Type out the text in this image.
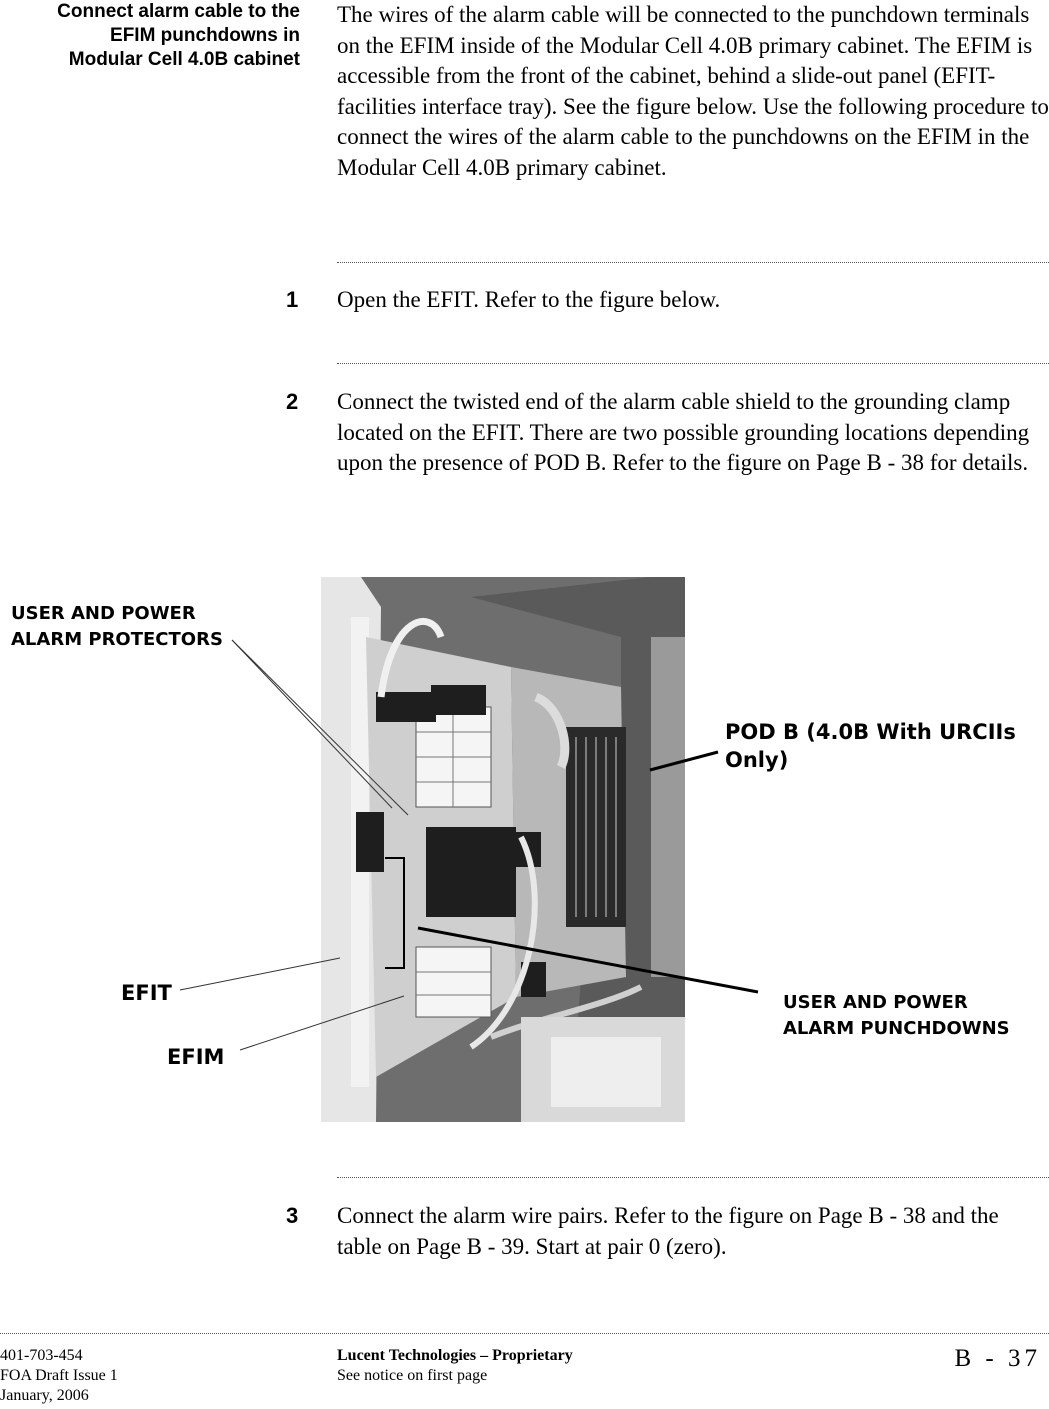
Connect alarm cable to the
EFIM punchdowns in
Modular Cell 4.0B cabinet
The wires of the alarm cable will be connected to the punchdown terminals on the EFIM inside of the Modular Cell 4.0B primary cabinet. The EFIM is accessible from the front of the cabinet, behind a slide-out panel (EFIT- facilities interface tray). See the figure below. Use the following procedure to connect the wires of the alarm cable to the punchdowns on the EFIM in the Modular Cell 4.0B primary cabinet.
1	Open the EFIT. Refer to the figure below.
2	Connect the twisted end of the alarm cable shield to the grounding clamp located on the EFIT. There are two possible grounding locations depending upon the presence of POD B. Refer to the figure on Page B - 38 for details.
USER AND POWER
ALARM PROTECTORS
POD B (4.0B With URCIIs
Only)
EFIT
EFIM
USER AND POWER
ALARM PUNCHDOWNS
3	Connect the alarm wire pairs. Refer to the figure on Page B - 38 and the table on Page B - 39. Start at pair 0 (zero).
401-703-454
FOA Draft Issue 1
January, 2006
Lucent Technologies – Proprietary
See notice on first page
B - 37
